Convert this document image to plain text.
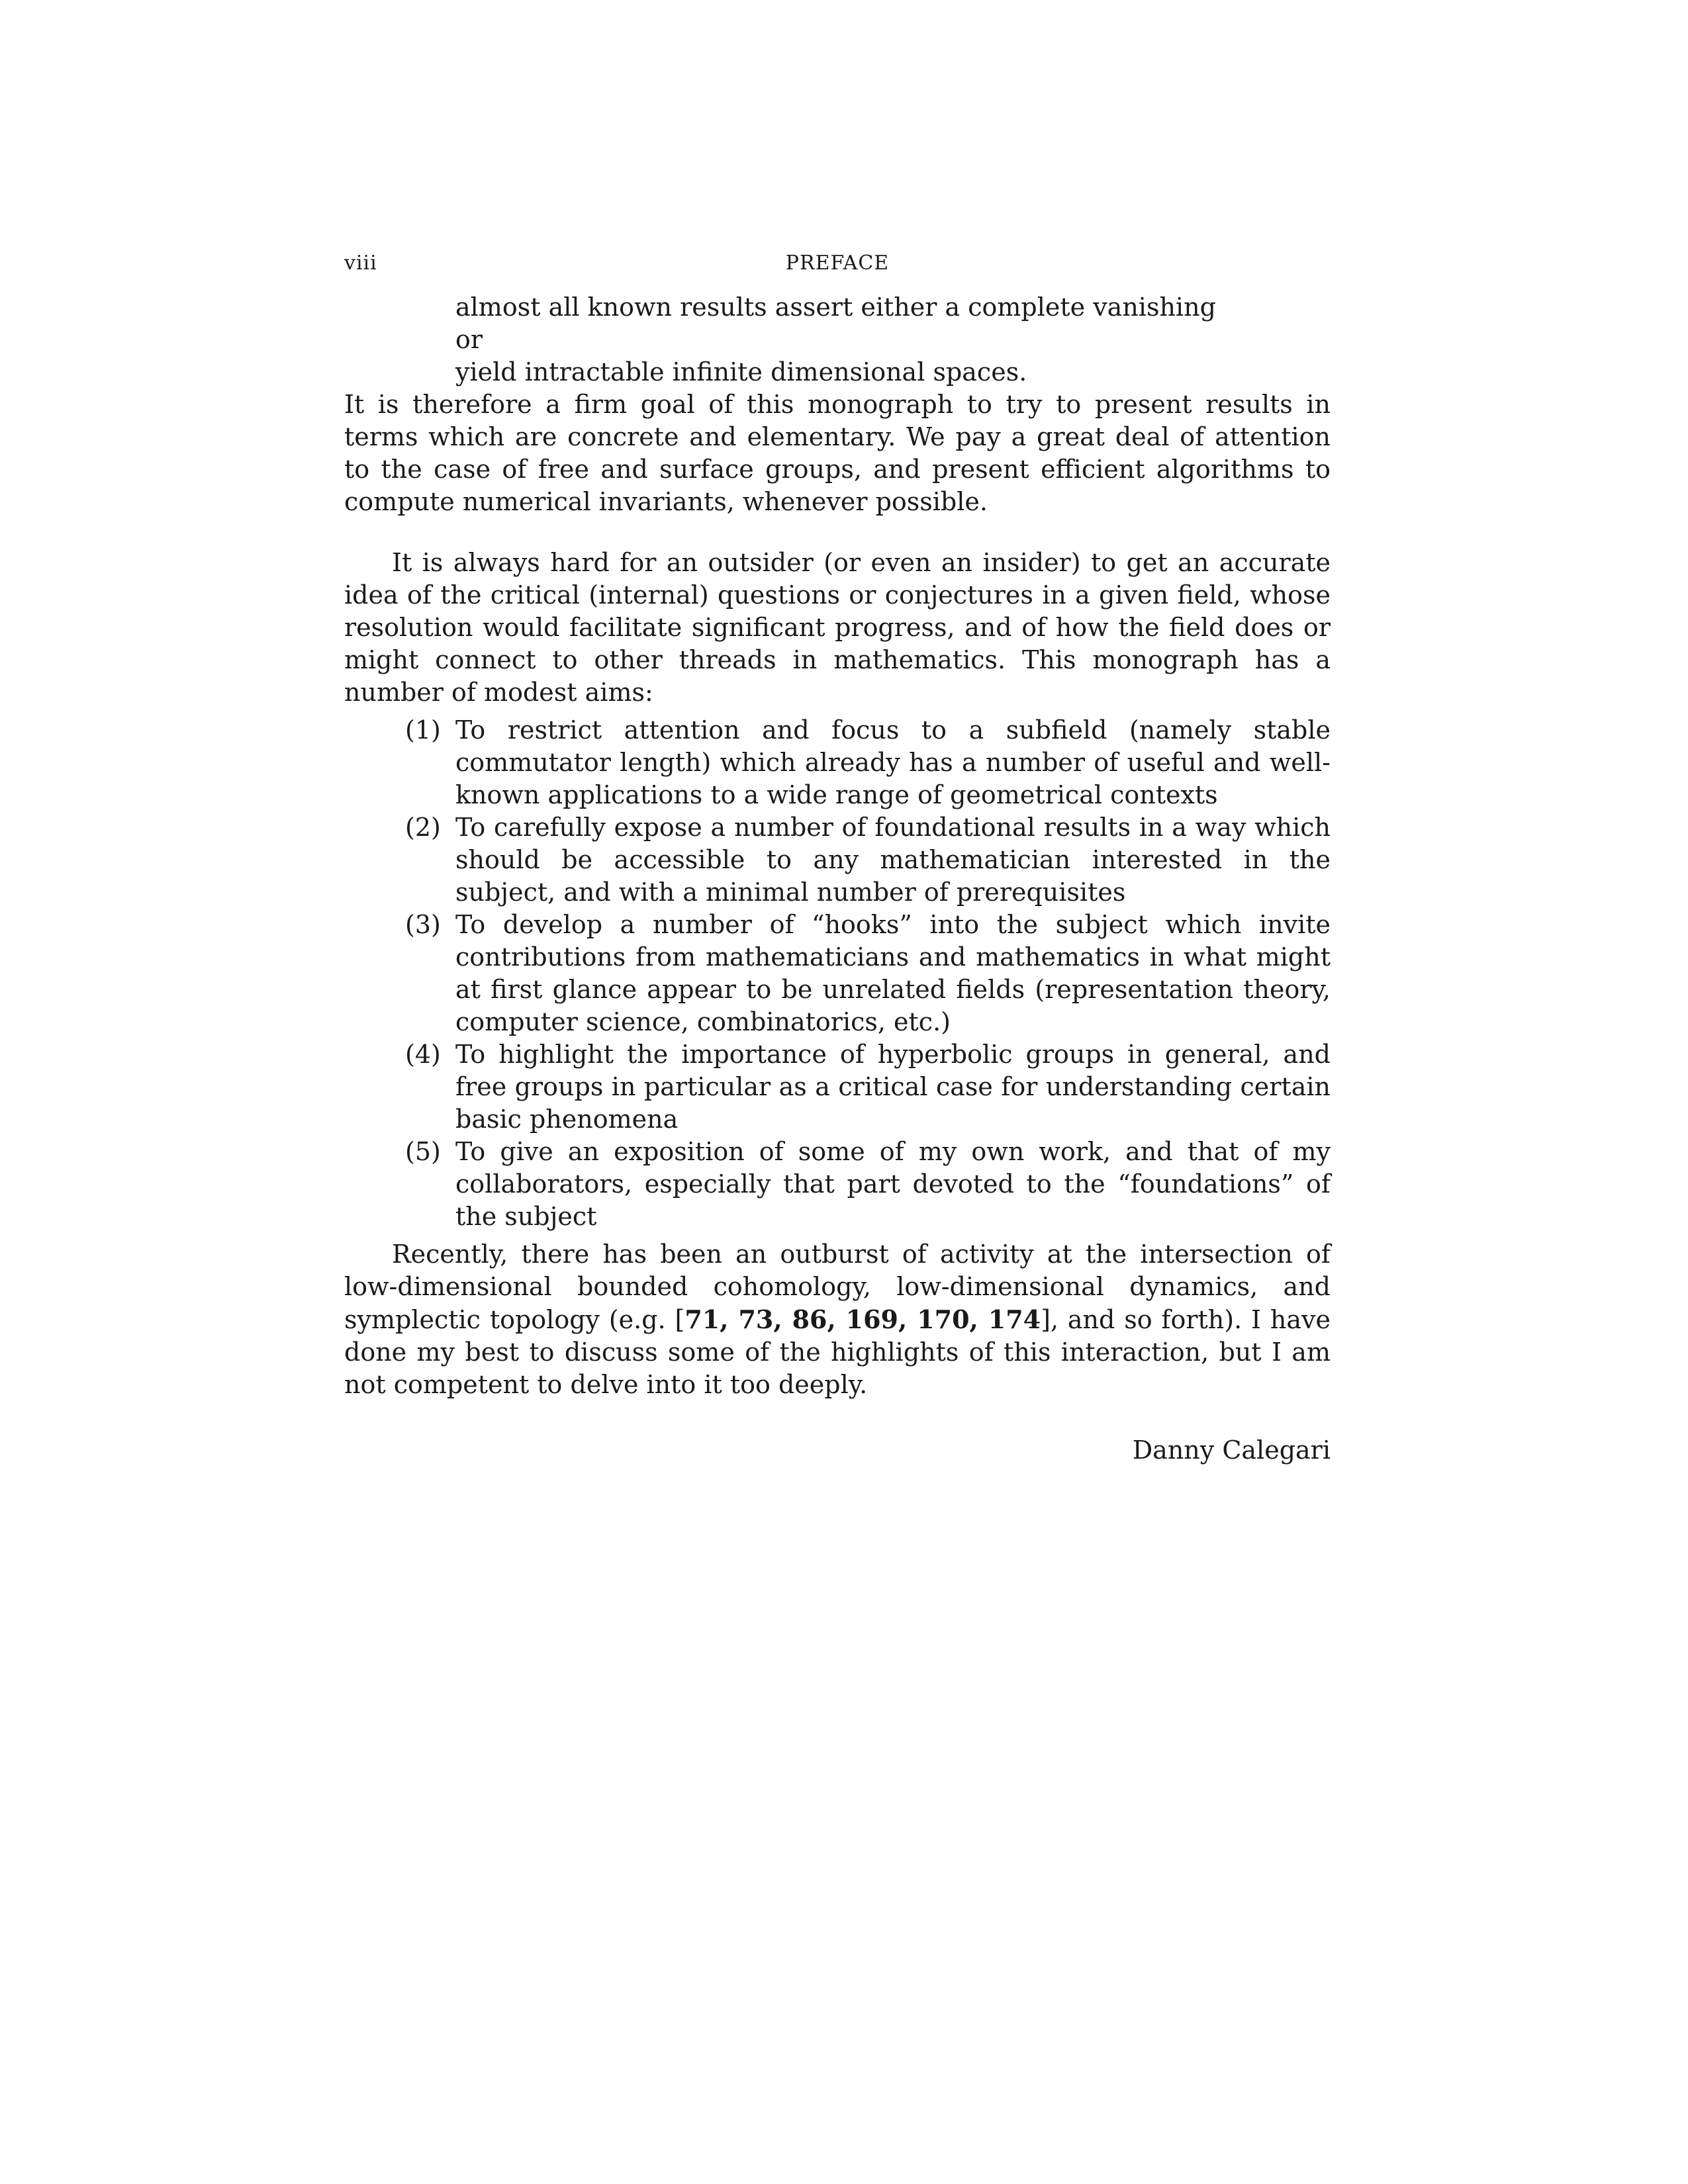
viii	PREFACE
almost all known results assert either a complete vanishing or
yield intractable infinite dimensional spaces.

It is therefore a firm goal of this monograph to try to present results in terms which are concrete and elementary. We pay a great deal of attention to the case of free and surface groups, and present efficient algorithms to compute numerical invariants, whenever possible.

It is always hard for an outsider (or even an insider) to get an accurate idea of the critical (internal) questions or conjectures in a given field, whose resolution would facilitate significant progress, and of how the field does or might connect to other threads in mathematics. This monograph has a number of modest aims:

(1) To restrict attention and focus to a subfield (namely stable commutator length) which already has a number of useful and well-known applications to a wide range of geometrical contexts
(2) To carefully expose a number of foundational results in a way which should be accessible to any mathematician interested in the subject, and with a minimal number of prerequisites
(3) To develop a number of “hooks” into the subject which invite contributions from mathematicians and mathematics in what might at first glance appear to be unrelated fields (representation theory, computer science, combinatorics, etc.)
(4) To highlight the importance of hyperbolic groups in general, and free groups in particular as a critical case for understanding certain basic phenomena
(5) To give an exposition of some of my own work, and that of my collaborators, especially that part devoted to the “foundations” of the subject

Recently, there has been an outburst of activity at the intersection of low-dimensional bounded cohomology, low-dimensional dynamics, and symplectic topology (e.g. [71, 73, 86, 169, 170, 174], and so forth). I have done my best to discuss some of the highlights of this interaction, but I am not competent to delve into it too deeply.

Danny Calegari
